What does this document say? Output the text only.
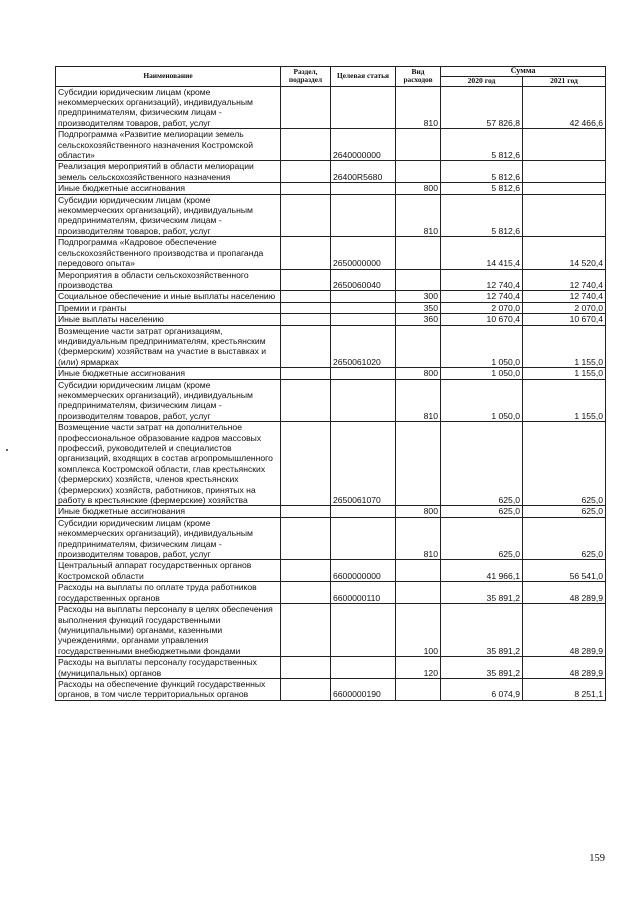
Наименование	Раздел, подраздел	Целевая статья	Вид расходов	Сумма	
				2020 год	2021 год
Субсидии юридическим лицам (кроме некоммерческих организаций), индивидуальным предпринимателям, физическим лицам - производителям товаров, работ, услуг			810	57 826,8	42 466,6
Подпрограмма «Развитие мелиорации земель сельскохозяйственного назначения Костромской области»		2640000000		5 812,6	
Реализация мероприятий в области мелиорации земель сельскохозяйственного назначения		26400R5680		5 812,6	
Иные бюджетные ассигнования			800	5 812,6	
Субсидии юридическим лицам (кроме некоммерческих организаций), индивидуальным предпринимателям, физическим лицам - производителям товаров, работ, услуг			810	5 812,6	
Подпрограмма «Кадровое обеспечение сельскохозяйственного производства и пропаганда передового опыта»		2650000000		14 415,4	14 520,4
Мероприятия в области сельскохозяйственного производства		2650060040		12 740,4	12 740,4
Социальное обеспечение и иные выплаты населению			300	12 740,4	12 740,4
Премии и гранты			350	2 070,0	2 070,0
Иные выплаты населению			360	10 670,4	10 670,4
Возмещение части затрат организациям, индивидуальным предпринимателям, крестьянским (фермерским) хозяйствам на участие в выставках и (или) ярмарках		2650061020		1 050,0	1 155,0
Иные бюджетные ассигнования			800	1 050,0	1 155,0
Субсидии юридическим лицам (кроме некоммерческих организаций), индивидуальным предпринимателям, физическим лицам - производителям товаров, работ, услуг			810	1 050,0	1 155,0
Возмещение части затрат на дополнительное профессиональное образование кадров массовых профессий, руководителей и специалистов организаций, входящих в состав агропромышленного комплекса Костромской области, глав крестьянских (фермерских) хозяйств, членов крестьянских (фермерских) хозяйств, работников, принятых на работу в крестьянские (фермерские) хозяйства		2650061070		625,0	625,0
Иные бюджетные ассигнования			800	625,0	625,0
Субсидии юридическим лицам (кроме некоммерческих организаций), индивидуальным предпринимателям, физическим лицам - производителям товаров, работ, услуг			810	625,0	625,0
Центральный аппарат государственных органов Костромской области		6600000000		41 966,1	56 541,0
Расходы на выплаты по оплате труда работников государственных органов		6600000110		35 891,2	48 289,9
Расходы на выплаты персоналу в целях обеспечения выполнения функций государственными (муниципальными) органами, казенными учреждениями, органами управления государственными внебюджетными фондами			100	35 891,2	48 289,9
Расходы на выплаты персоналу государственных (муниципальных) органов			120	35 891,2	48 289,9
Расходы на обеспечение функций государственных органов, в том числе территориальных органов		6600000190		6 074,9	8 251,1
159
